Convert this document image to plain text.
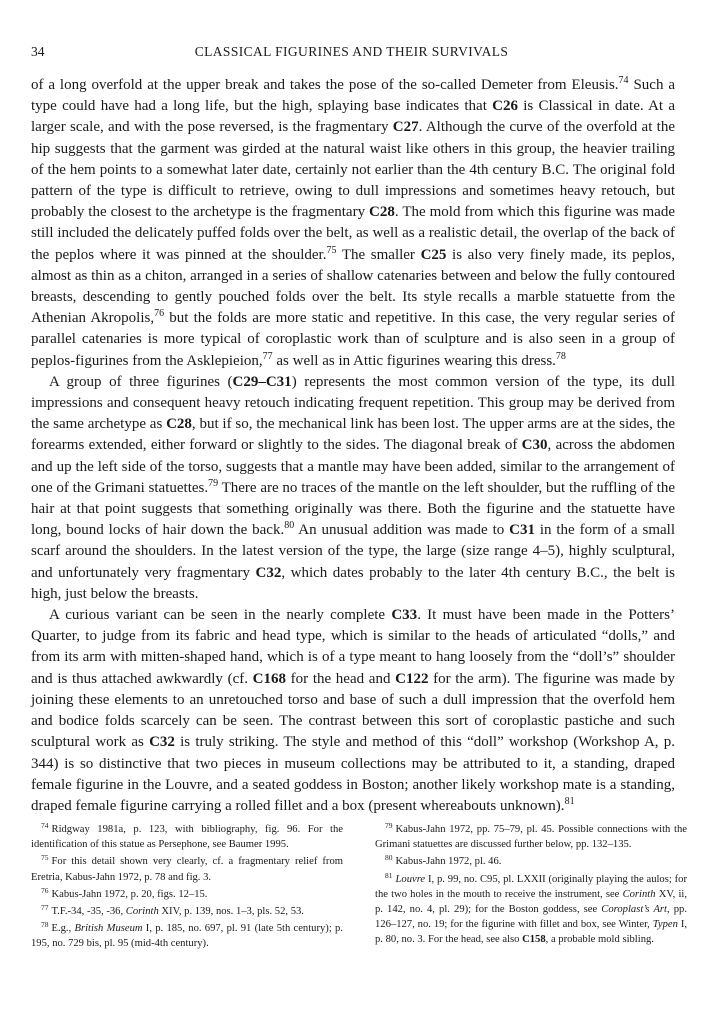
34	CLASSICAL FIGURINES AND THEIR SURVIVALS

of a long overfold at the upper break and takes the pose of the so-called Demeter from Eleusis.$^{74}$ Such a type could have had a long life, but the high, splaying base indicates that C26 is Classical in date. At a larger scale, and with the pose reversed, is the fragmentary C27. Although the curve of the overfold at the hip suggests that the garment was girded at the natural waist like others in this group, the heavier trailing of the hem points to a somewhat later date, certainly not earlier than the 4th century B.C. The original fold pattern of the type is difficult to retrieve, owing to dull impressions and sometimes heavy retouch, but probably the closest to the archetype is the fragmentary C28. The mold from which this figurine was made still included the delicately puffed folds over the belt, as well as a realistic detail, the overlap of the back of the peplos where it was pinned at the shoulder.$^{75}$ The smaller C25 is also very finely made, its peplos, almost as thin as a chiton, arranged in a series of shallow catenaries between and below the fully contoured breasts, descending to gently pouched folds over the belt. Its style recalls a marble statuette from the Athenian Akropolis,$^{76}$ but the folds are more static and repetitive. In this case, the very regular series of parallel catenaries is more typical of coroplastic work than of sculpture and is also seen in a group of peplos-figurines from the Asklepieion,$^{77}$ as well as in Attic figurines wearing this dress.$^{78}$

A group of three figurines (C29–C31) represents the most common version of the type, its dull impressions and consequent heavy retouch indicating frequent repetition. This group may be derived from the same archetype as C28, but if so, the mechanical link has been lost. The upper arms are at the sides, the forearms extended, either forward or slightly to the sides. The diagonal break of C30, across the abdomen and up the left side of the torso, suggests that a mantle may have been added, similar to the arrangement of one of the Grimani statuettes.$^{79}$ There are no traces of the mantle on the left shoulder, but the ruffling of the hair at that point suggests that something originally was there. Both the figurine and the statuette have long, bound locks of hair down the back.$^{80}$ An unusual addition was made to C31 in the form of a small scarf around the shoulders. In the latest version of the type, the large (size range 4–5), highly sculptural, and unfortunately very fragmentary C32, which dates probably to the later 4th century B.C., the belt is high, just below the breasts.

A curious variant can be seen in the nearly complete C33. It must have been made in the Potters’ Quarter, to judge from its fabric and head type, which is similar to the heads of articulated “dolls,” and from its arm with mitten-shaped hand, which is of a type meant to hang loosely from the “doll’s” shoulder and is thus attached awkwardly (cf. C168 for the head and C122 for the arm). The figurine was made by joining these elements to an unretouched torso and base of such a dull impression that the overfold hem and bodice folds scarcely can be seen. The contrast between this sort of coroplastic pastiche and such sculptural work as C32 is truly striking. The style and method of this “doll” workshop (Workshop A, p. 344) is so distinctive that two pieces in museum collections may be attributed to it, a standing, draped female figurine in the Louvre, and a seated goddess in Boston; another likely workshop mate is a standing, draped female figurine carrying a rolled fillet and a box (present whereabouts unknown).$^{81}$

$^{74}$ Ridgway 1981a, p. 123, with bibliography, fig. 96. For the identification of this statue as Persephone, see Baumer 1995.

$^{75}$ For this detail shown very clearly, cf. a fragmentary relief from Eretria, Kabus-Jahn 1972, p. 78 and fig. 3.

$^{76}$ Kabus-Jahn 1972, p. 20, figs. 12–15.

$^{77}$ T.F.-34, -35, -36, Corinth XIV, p. 139, nos. 1–3, pls. 52, 53.

$^{78}$ E.g., British Museum I, p. 185, no. 697, pl. 91 (late 5th century); p. 195, no. 729 bis, pl. 95 (mid-4th century).

$^{79}$ Kabus-Jahn 1972, pp. 75–79, pl. 45. Possible connections with the Grimani statuettes are discussed further below, pp. 132–135.

$^{80}$ Kabus-Jahn 1972, pl. 46.

$^{81}$ Louvre I, p. 99, no. C95, pl. LXXII (originally playing the aulos; for the two holes in the mouth to receive the instrument, see Corinth XV, ii, p. 142, no. 4, pl. 29); for the Boston goddess, see Coroplast’s Art, pp. 126–127, no. 19; for the figurine with fillet and box, see Winter, Typen I, p. 80, no. 3. For the head, see also C158, a probable mold sibling.
